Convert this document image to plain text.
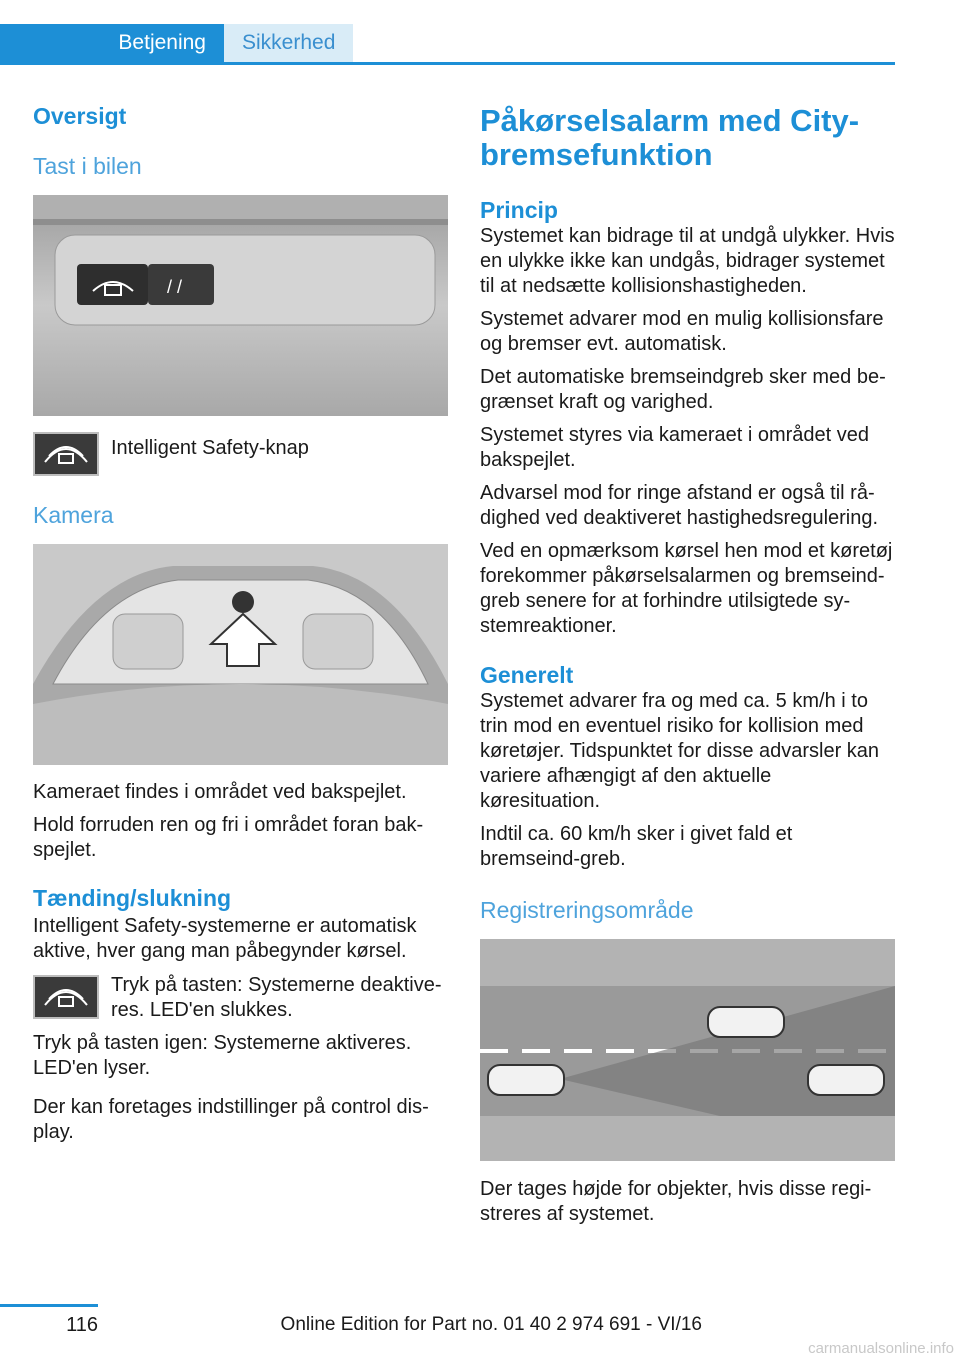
Betjening	Sikkerhed
Oversigt
Tast i bilen
/ /

Intelligent Safety-knap

Kamera

Kameraet findes i området ved bakspejlet.

Hold forruden ren og fri i området foran bak‐spejlet.

Tænding/slukning

Intelligent Safety-systemerne er automatisk aktive, hver gang man påbegynder kørsel.

Tryk på tasten: Systemerne deaktive‐res. LED'en slukkes.

Tryk på tasten igen: Systemerne aktiveres. LED'en lyser.

Der kan foretages indstillinger på control dis‐play.

Påkørselsalarm med City-bremsefunktion
Princip

Systemet kan bidrage til at undgå ulykker. Hvis en ulykke ikke kan undgås, bidrager systemet til at nedsætte kollisionshastigheden.

Systemet advarer mod en mulig kollisionsfare og bremser evt. automatisk.

Det automatiske bremseindgreb sker med be‐grænset kraft og varighed.

Systemet styres via kameraet i området ved bakspejlet.

Advarsel mod for ringe afstand er også til rå‐dighed ved deaktiveret hastighedsregulering.

Ved en opmærksom kørsel hen mod et køretøj forekommer påkørselsalarmen og bremseind‐greb senere for at forhindre utilsigtede sy‐stemreaktioner.

Generelt

Systemet advarer fra og med ca. 5 km/h i to trin mod en eventuel risiko for kollision med køretøjer. Tidspunktet for disse advarsler kan variere afhængigt af den aktuelle køresituation.

Indtil ca. 60 km/h sker i givet fald et bremseind‐greb.

Registreringsområde

Der tages højde for objekter, hvis disse regi‐streres af systemet.

116	Online Edition for Part no. 01 40 2 974 691 - VI/16
carmanualsonline.info
